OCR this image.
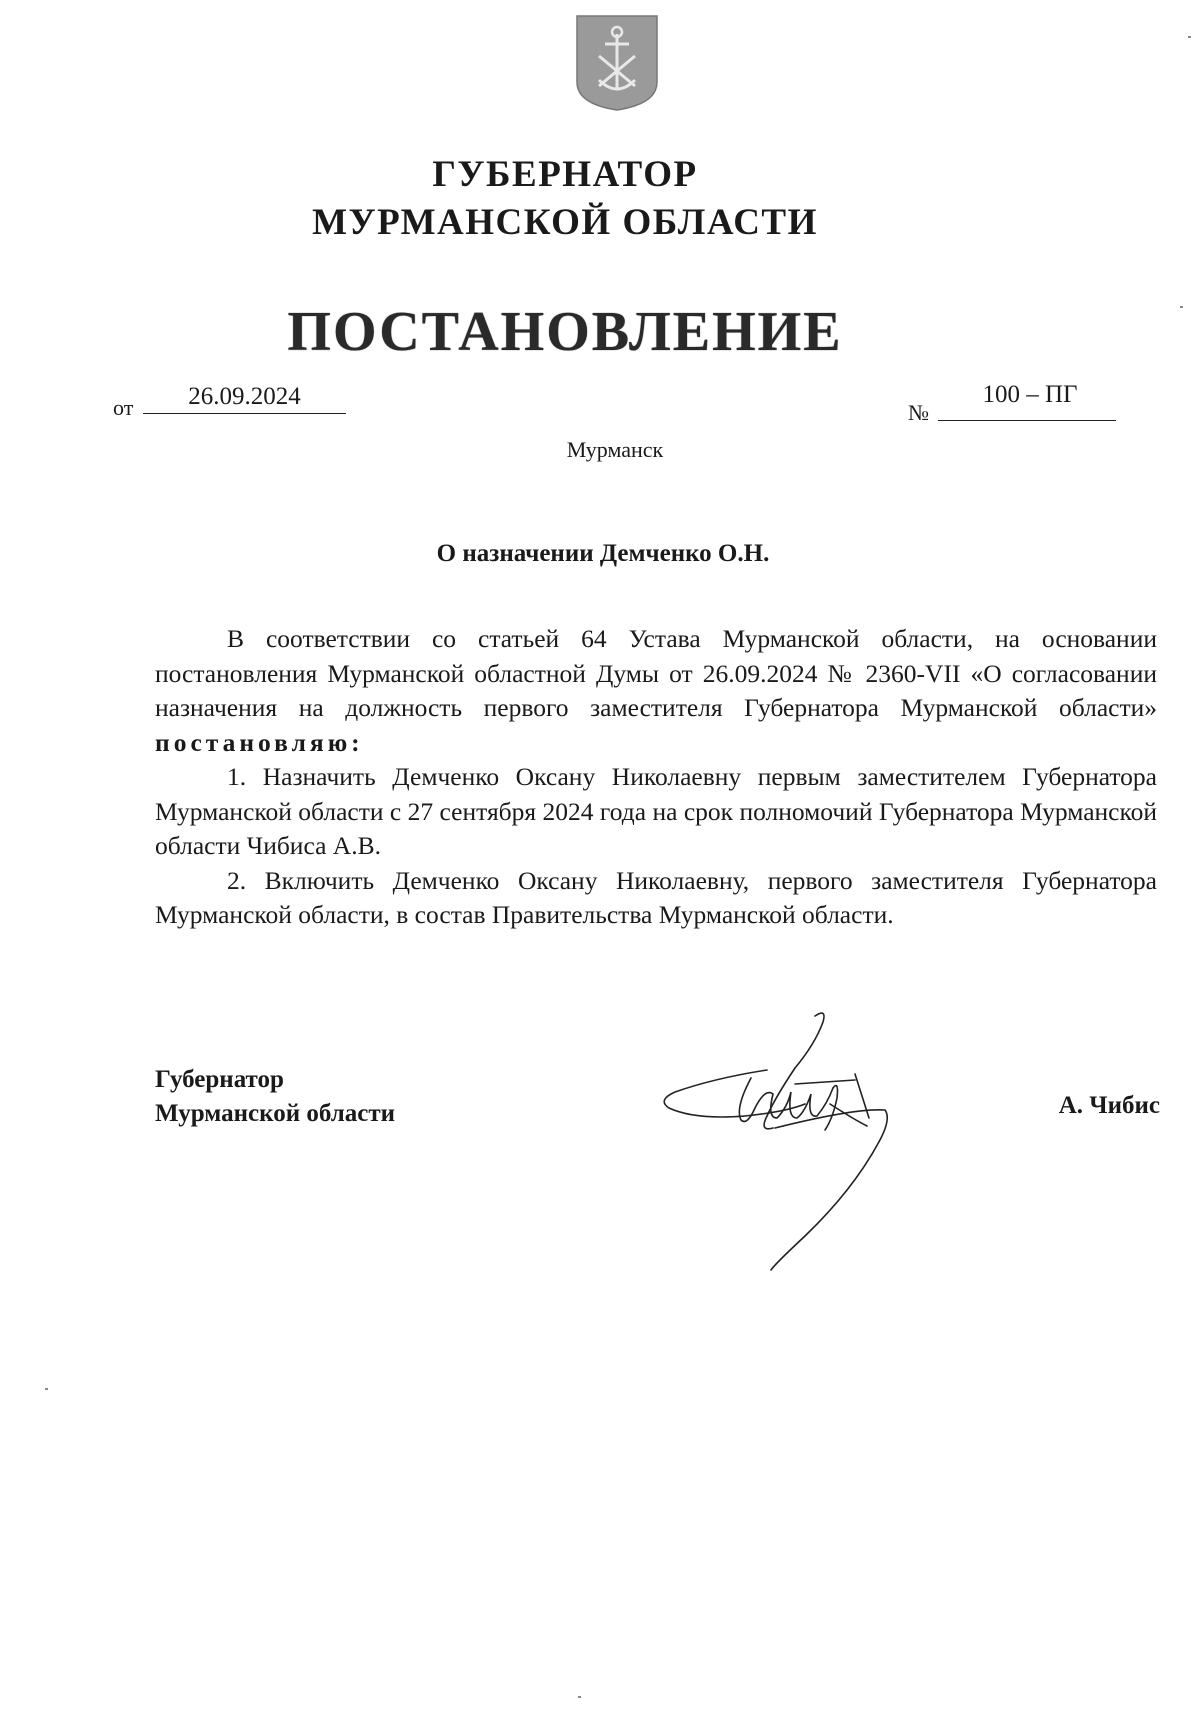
ГУБЕРНАТОР
МУРМАНСКОЙ ОБЛАСТИ
ПОСТАНОВЛЕНИЕ
от	26.09.2024
№
100 – ПГ
Мурманск
О назначении Демченко О.Н.

В соответствии со статьей 64 Устава Мурманской области, на основании постановления Мурманской областной Думы от 26.09.2024 № 2360-VII «О согласовании назначения на должность первого заместителя Губернатора Мурманской области» постановляю:

1. Назначить Демченко Оксану Николаевну первым заместителем Губернатора Мурманской области с 27 сентября 2024 года на срок полномочий Губернатора Мурманской области Чибиса А.В.

2. Включить Демченко Оксану Николаевну, первого заместителя Губернатора Мурманской области, в состав Правительства Мурманской области.

Губернатор
Мурманской области	А. Чибис
